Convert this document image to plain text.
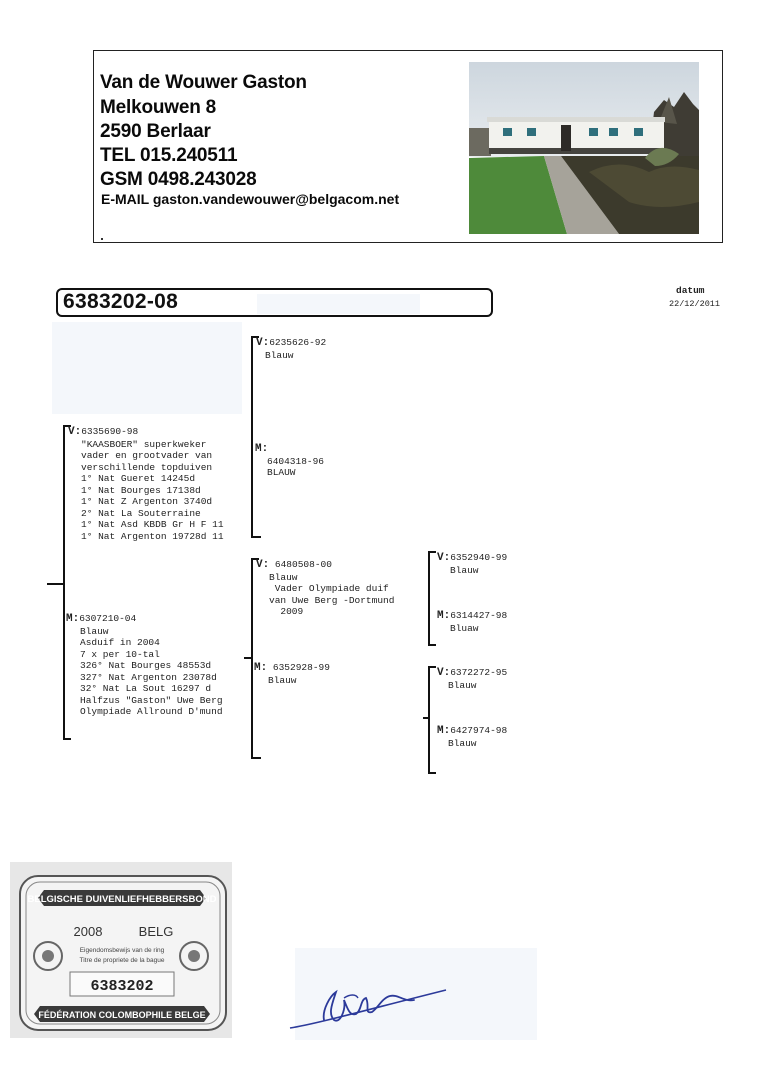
Van de Wouwer Gaston
Melkouwen 8
2590 Berlaar
TEL 015.240511
GSM 0498.243028
E-MAIL gaston.vandewouwer@belgacom.net
6383202-08	datum
22/12/2011
V:6335690-98
"KAASBOER" superkweker
vader en grootvader van
verschillende topduiven
1° Nat Gueret 14245d
1° Nat Bourges 17138d
1° Nat Z Argenton 3740d
2° Nat La Souterraine
1° Nat Asd KBDB Gr H F 11
1° Nat Argenton 19728d 11
M:6307210-04
Blauw
Asduif in 2004
7 x per 10-tal
326° Nat Bourges 48553d
327° Nat Argenton 23078d
32° Nat La Sout 16297 d
Halfzus "Gaston" Uwe Berg
Olympiade Allround D'mund
V:6235626-92
Blauw
M:
6404318-96
BLAUW
V: 6480508-00
Blauw
Vader Olympiade duif
van Uwe Berg -Dortmund
2009
M: 6352928-99
Blauw
V:6352940-99
Blauw
M:6314427-98
Bluaw
V:6372272-95
Blauw
M:6427974-98
Blauw
BELGISCHE DUIVENLIEFHEBBERSBOND
2008	BELG
Eigendomsbewijs van de ring
Titre de propriete de la bague
6383202
FÉDÉRATION COLOMBOPHILE BELGE
